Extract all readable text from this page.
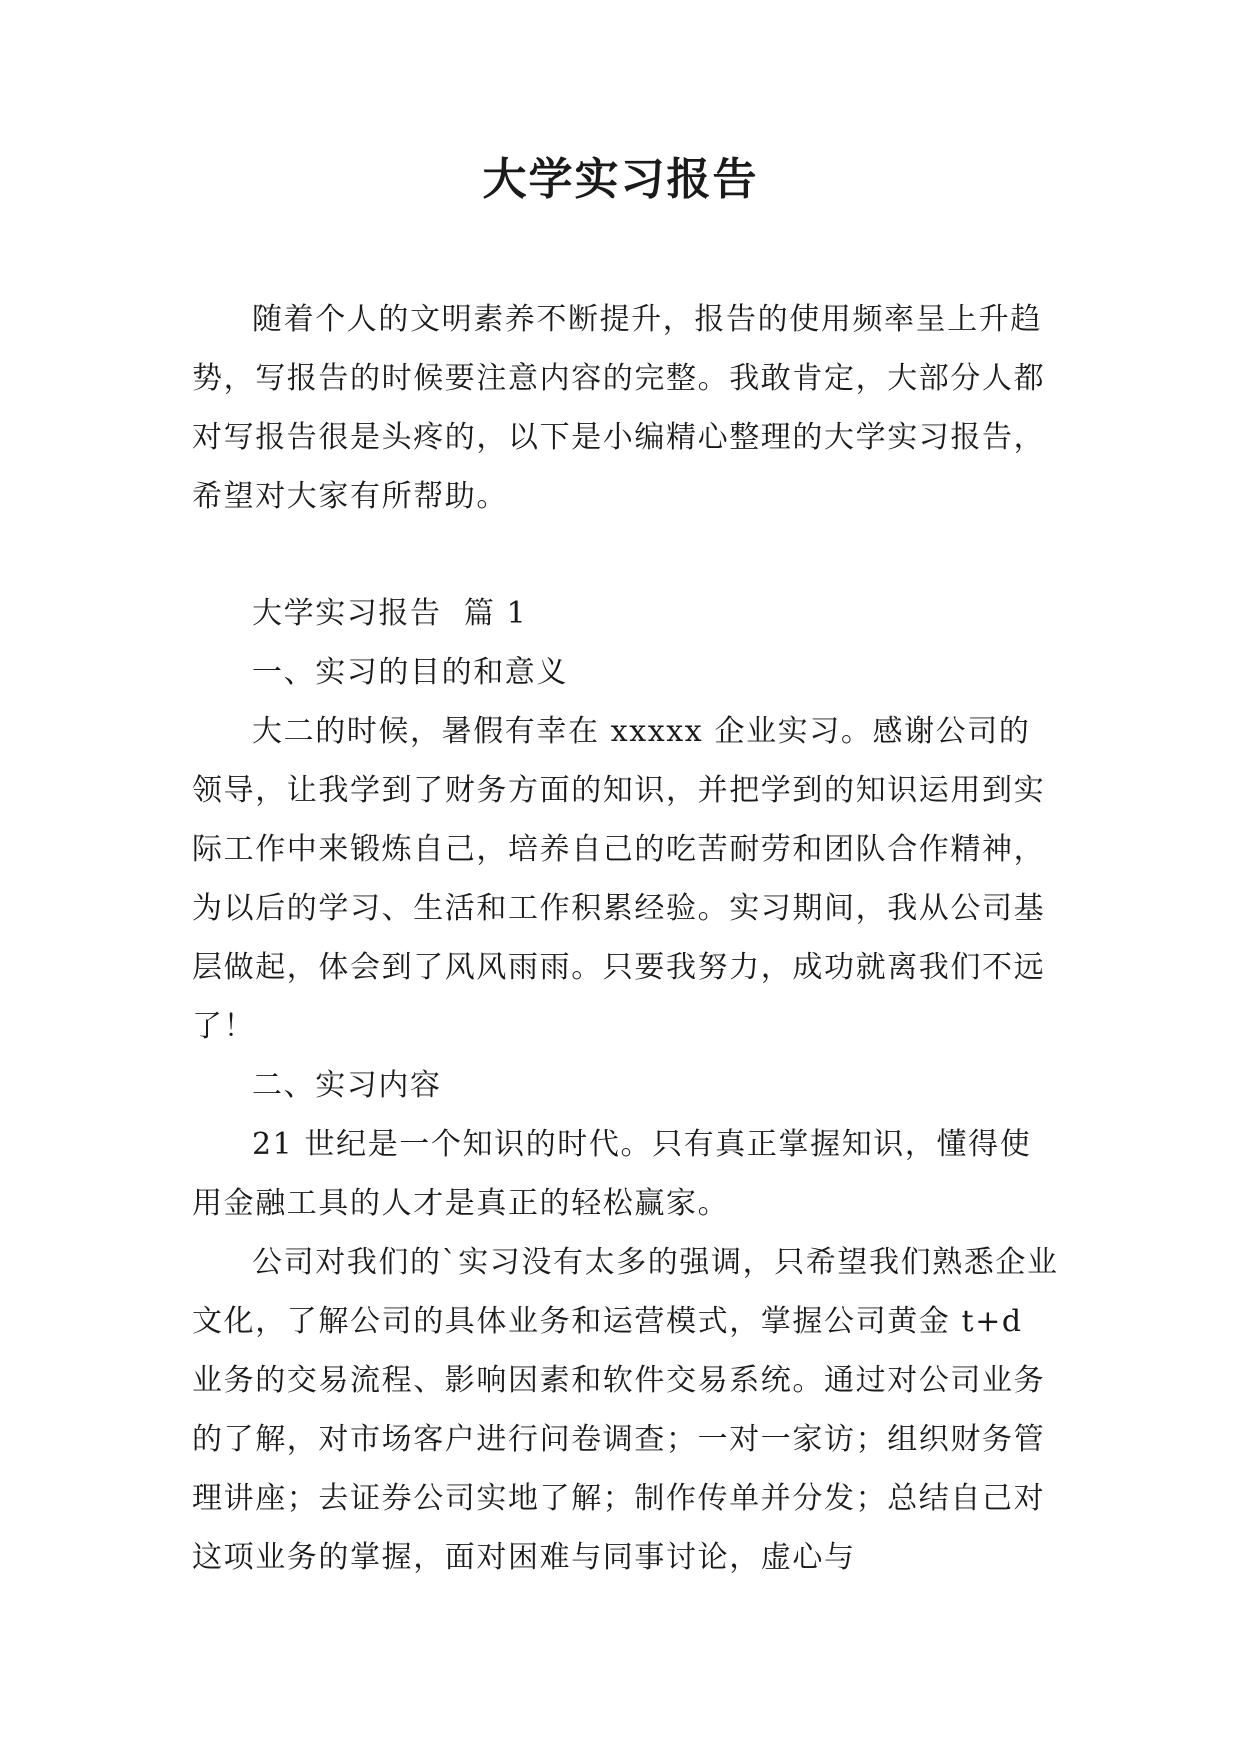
大学实习报告

随着个人的文明素养不断提升，报告的使用频率呈上升趋势，写报告的时候要注意内容的完整。我敢肯定，大部分人都对写报告很是头疼的，以下是小编精心整理的大学实习报告，希望对大家有所帮助。

大学实习报告  篇 1

一、实习的目的和意义

大二的时候，暑假有幸在 xxxxx 企业实习。感谢公司的领导，让我学到了财务方面的知识，并把学到的知识运用到实际工作中来锻炼自己，培养自己的吃苦耐劳和团队合作精神，为以后的学习、生活和工作积累经验。实习期间，我从公司基层做起，体会到了风风雨雨。只要我努力，成功就离我们不远了！

二、实习内容

21 世纪是一个知识的时代。只有真正掌握知识，懂得使用金融工具的人才是真正的轻松赢家。

公司对我们的`实习没有太多的强调，只希望我们熟悉企业文化，了解公司的具体业务和运营模式，掌握公司黄金 t+d 业务的交易流程、影响因素和软件交易系统。通过对公司业务的了解，对市场客户进行问卷调查；一对一家访；组织财务管理讲座；去证券公司实地了解；制作传单并分发；总结自己对这项业务的掌握，面对困难与同事讨论，虚心与
